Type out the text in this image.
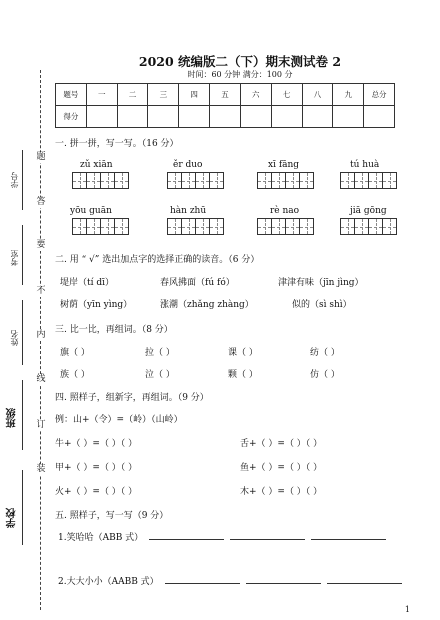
题
答
要
不
内
线
订
装
学号
考室
姓名
班级
学校
2020 统编版二（下）期末测试卷 2
时间：60 分钟 满分：100 分
题号	一	二	三	四	五	六	七	八	九	总分
得分										
一. 拼一拼，写一写。（16 分）
zǔ xiān	ěr duo	xī fāng	tú huà
yōu guān	hàn zhū	rè nao	jiā gōng
二. 用 “ √” 选出加点字的选择正确的读音。（6 分）
堤岸（tí dī）	春风拂面（fú fó）	津津有味（jīn jìng）
树荫（yīn yìng）	涨潮（zhǎng zhàng）	似的（sì shì）
三. 比一比，再组词。（8 分）
旗（ ）	拉（ ）	课（ ）	纺（ ）
族（ ）	泣（ ）	颗（ ）	仿（ ）
四. 照样子，组新字，再组词。（9 分）
例：山+（令）=（岭）（山岭）
牛+（ ）=（ ）（ ）	舌+（ ）=（ ）（ ）
甲+（ ）=（ ）（ ）	鱼+（ ）=（ ）（ ）
火+（ ）=（ ）（ ）	木+（ ）=（ ）（ ）
五. 照样子，写一写（9 分）
1.笑哈哈（ABB 式）
2.大大小小（AABB 式）
1
